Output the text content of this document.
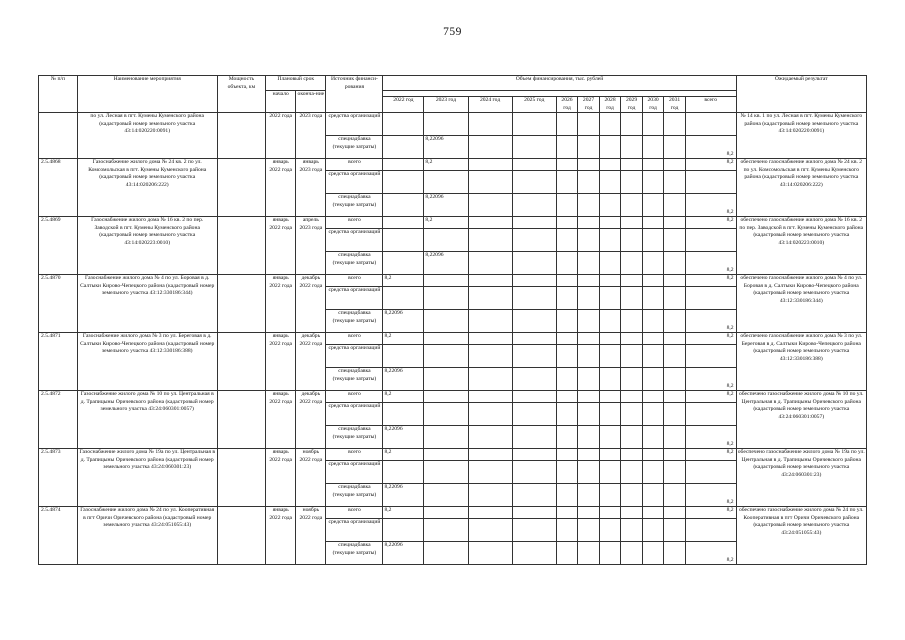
759
№ п/п	Наименование мероприятия	Мощность объекта, км	Плановый срок		Источник финанси-рования	Объем финансирования, тыс. рублей											Ожидаемый результат
			начало	оконча-ние													
						2022 год	2023 год	2024 год	2025 год	2026 год	2027 год	2028 год	2029 год	2030 год	2031 год	всего	
	по ул. Лесная в пгт. Кумены Куменского района (кадастровый номер земельного участка 43:14:020220:0091)		2022 года	2023 года	средства организаций												№ 14 кв. 1 по ул. Лесная в пгт. Кумены Куменского района (кадастровый номер земельного участка 43:14:020220:0091)
					спецнадбавка (текущие затраты)		8,22096									8,2	
2.5.4868	Газоснабжение жилого дома № 24 кв. 2 по ул. Комсомольская в пгт. Кумены Куменского района (кадастровый номер земельного участка 43:14:020206:222)		январь 2022 года	январь 2023 года	всего		8,2									8,2	обеспечено газоснабжение жилого дома № 24 кв. 2 по ул. Комсомольская в пгт. Кумены Куменского района (кадастровый номер земельного участка 43:14:020206:222)
					средства организаций												
					спецнадбавка (текущие затраты)		8,22096									8,2	
2.5.4869	Газоснабжение жилого дома № 16 кв. 2 по пер. Заводской в пгт. Кумены Куменского района (кадастровый номер земельного участка 43:14:020223:0010)		январь 2022 года	апрель 2023 года	всего		8,2									8,2	обеспечено газоснабжение жилого дома № 16 кв. 2 по пер. Заводской в пгт. Кумены Куменского района (кадастровый номер земельного участка 43:14:020223:0010)
					средства организаций												
					спецнадбавка (текущие затраты)		8,22096									8,2	
2.5.4870	Газоснабжение жилого дома № 4 по ул. Боровая в д. Салтыки Кирово-Чепецкого района (кадастровый номер земельного участка 43:12:330186:344)		январь 2022 года	декабрь 2022 года	всего	8,2										8,2	обеспечено газоснабжение жилого дома № 4 по ул. Боровая в д. Салтыки Кирово-Чепецкого района (кадастровый номер земельного участка 43:12:330186:344)
					средства организаций												
					спецнадбавка (текущие затраты)	8,22096										8,2	
2.5.4871	Газоснабжение жилого дома № 3 по ул. Береговая в д. Салтыки Кирово-Чепецкого района (кадастровый номер земельного участка 43:12:330186:388)		январь 2022 года	декабрь 2022 года	всего	8,2										8,2	обеспечено газоснабжение жилого дома № 3 по ул. Береговая в д. Салтыки Кирово-Чепецкого района (кадастровый номер земельного участка 43:12:330186:388)
					средства организаций												
					спецнадбавка (текущие затраты)	8,22096										8,2	
2.5.4872	Газоснабжение жилого дома № 10 по ул. Центральная в д. Трапицыны Оричевского района (кадастровый номер земельного участка 43:24:060301:0057)		январь 2022 года	декабрь 2022 года	всего	8,2										8,2	обеспечено газоснабжение жилого дома № 10 по ул. Центральная в д. Трапицыны Оричевского района (кадастровый номер земельного участка 43:24:060301:0057)
					средства организаций												
					спецнадбавка (текущие затраты)	8,22096										8,2	
2.5.4873	Газоснабжение жилого дома № 19а по ул. Центральная в д. Трапицыны Оричевского района (кадастровый номер земельного участка 43:24:060301:23)		январь 2022 года	ноябрь 2022 года	всего	8,2										8,2	обеспечено газоснабжение жилого дома № 19а по ул. Центральная в д. Трапицыны Оричевского района (кадастровый номер земельного участка 43:24:060301:23)
					средства организаций												
					спецнадбавка (текущие затраты)	8,22096										8,2	
2.5.4874	Газоснабжение жилого дома № 24 по ул. Кооперативная в пгт Оричи Оричевского района (кадастровый номер земельного участка 43:24:051055:43)		январь 2022 года	ноябрь 2022 года	всего	8,2										8,2	обеспечено газоснабжение жилого дома № 24 по ул. Кооперативная в пгт Оричи Оричевского района (кадастровый номер земельного участка 43:24:051055:43)
					средства организаций												
					спецнадбавка (текущие затраты)	8,22096										8,2	
